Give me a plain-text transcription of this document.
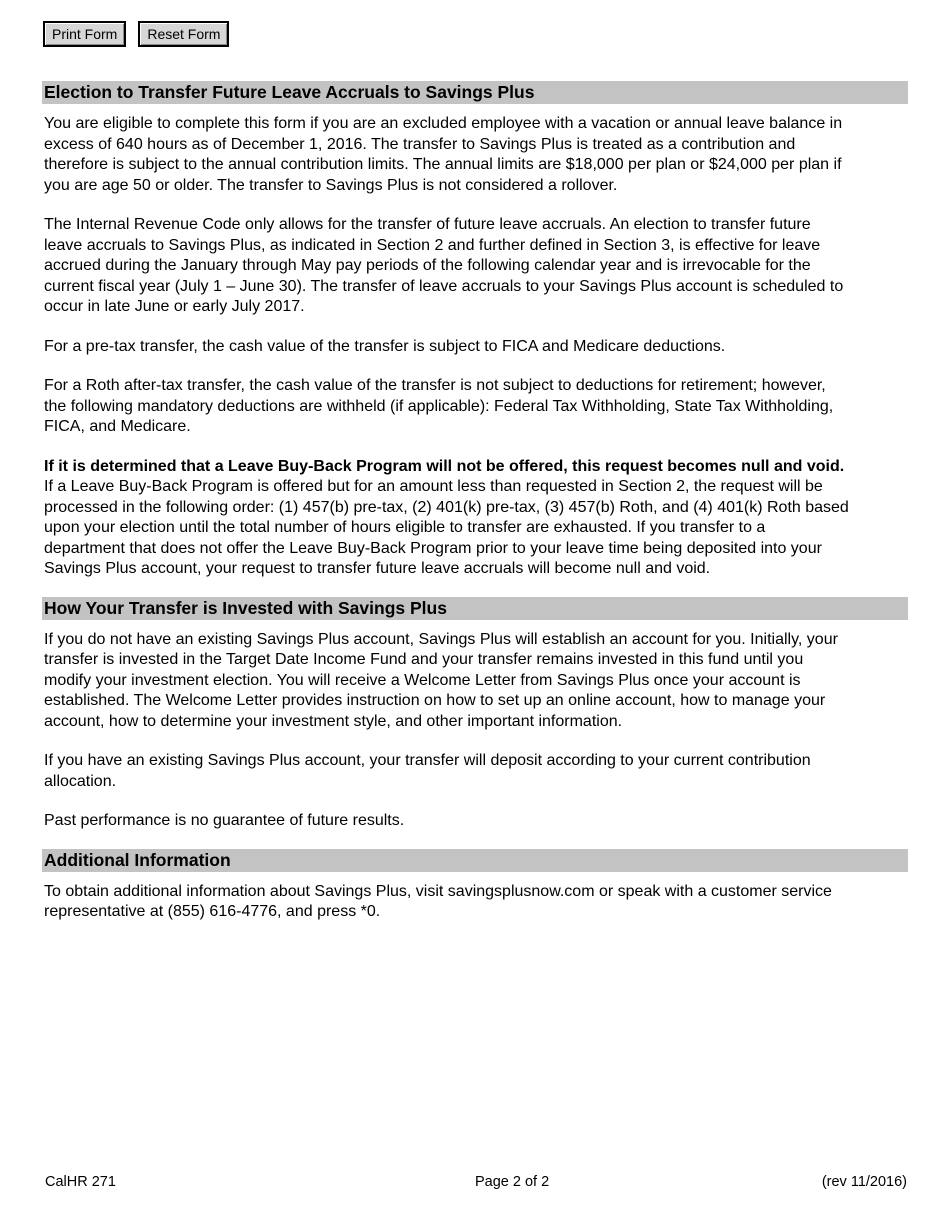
Print Form	Reset Form
Election to Transfer Future Leave Accruals to Savings Plus

You are eligible to complete this form if you are an excluded employee with a vacation or annual leave balance in
excess of 640 hours as of December 1, 2016. The transfer to Savings Plus is treated as a contribution and
therefore is subject to the annual contribution limits. The annual limits are $18,000 per plan or $24,000 per plan if
you are age 50 or older. The transfer to Savings Plus is not considered a rollover.

The Internal Revenue Code only allows for the transfer of future leave accruals. An election to transfer future
leave accruals to Savings Plus, as indicated in Section 2 and further defined in Section 3, is effective for leave
accrued during the January through May pay periods of the following calendar year and is irrevocable for the
current fiscal year (July 1 – June 30). The transfer of leave accruals to your Savings Plus account is scheduled to
occur in late June or early July 2017.

For a pre-tax transfer, the cash value of the transfer is subject to FICA and Medicare deductions.

For a Roth after-tax transfer, the cash value of the transfer is not subject to deductions for retirement; however,
the following mandatory deductions are withheld (if applicable): Federal Tax Withholding, State Tax Withholding,
FICA, and Medicare.

If it is determined that a Leave Buy-Back Program will not be offered, this request becomes null and void.
If a Leave Buy-Back Program is offered but for an amount less than requested in Section 2, the request will be
processed in the following order: (1) 457(b) pre-tax, (2) 401(k) pre-tax, (3) 457(b) Roth, and (4) 401(k) Roth based
upon your election until the total number of hours eligible to transfer are exhausted. If you transfer to a
department that does not offer the Leave Buy-Back Program prior to your leave time being deposited into your
Savings Plus account, your request to transfer future leave accruals will become null and void.

How Your Transfer is Invested with Savings Plus

If you do not have an existing Savings Plus account, Savings Plus will establish an account for you. Initially, your
transfer is invested in the Target Date Income Fund and your transfer remains invested in this fund until you
modify your investment election. You will receive a Welcome Letter from Savings Plus once your account is
established. The Welcome Letter provides instruction on how to set up an online account, how to manage your
account, how to determine your investment style, and other important information.

If you have an existing Savings Plus account, your transfer will deposit according to your current contribution
allocation.

Past performance is no guarantee of future results.

Additional Information

To obtain additional information about Savings Plus, visit savingsplusnow.com or speak with a customer service
representative at (855) 616-4776, and press *0.

CalHR 271	Page 2 of 2	(rev 11/2016)
